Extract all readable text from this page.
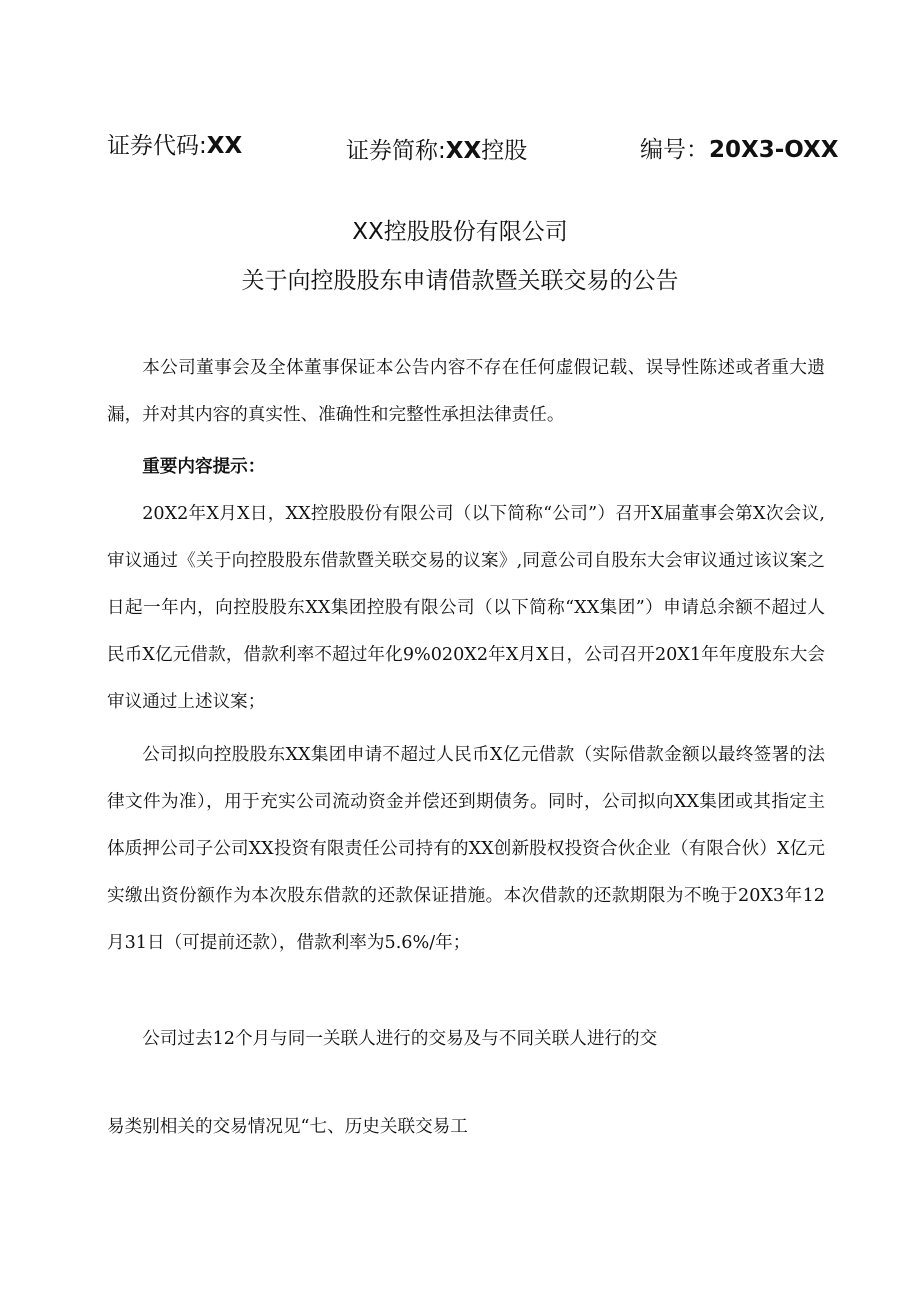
证券代码:XX	证券简称:XX控股	编号：20X3-OXX
XX控股股份有限公司
关于向控股股东申请借款暨关联交易的公告
本公司董事会及全体董事保证本公告内容不存在任何虚假记载、误导性陈述或者重大遗漏，并对其内容的真实性、准确性和完整性承担法律责任。
重要内容提示：
20X2年X月X日，XX控股股份有限公司（以下简称“公司”）召开X届董事会第X次会议,审议通过《关于向控股股东借款暨关联交易的议案》,同意公司自股东大会审议通过该议案之日起一年内，向控股股东XX集团控股有限公司（以下简称“XX集团”）申请总余额不超过人民币X亿元借款，借款利率不超过年化9%020X2年X月X日，公司召开20X1年年度股东大会审议通过上述议案；
公司拟向控股股东XX集团申请不超过人民币X亿元借款（实际借款金额以最终签署的法律文件为准），用于充实公司流动资金并偿还到期债务。同时，公司拟向XX集团或其指定主体质押公司子公司XX投资有限责任公司持有的XX创新股权投资合伙企业（有限合伙）X亿元实缴出资份额作为本次股东借款的还款保证措施。本次借款的还款期限为不晚于20X3年12月31日（可提前还款），借款利率为5.6%/年；
公司过去12个月与同一关联人进行的交易及与不同关联人进行的交
易类别相关的交易情况见“七、历史关联交易工
